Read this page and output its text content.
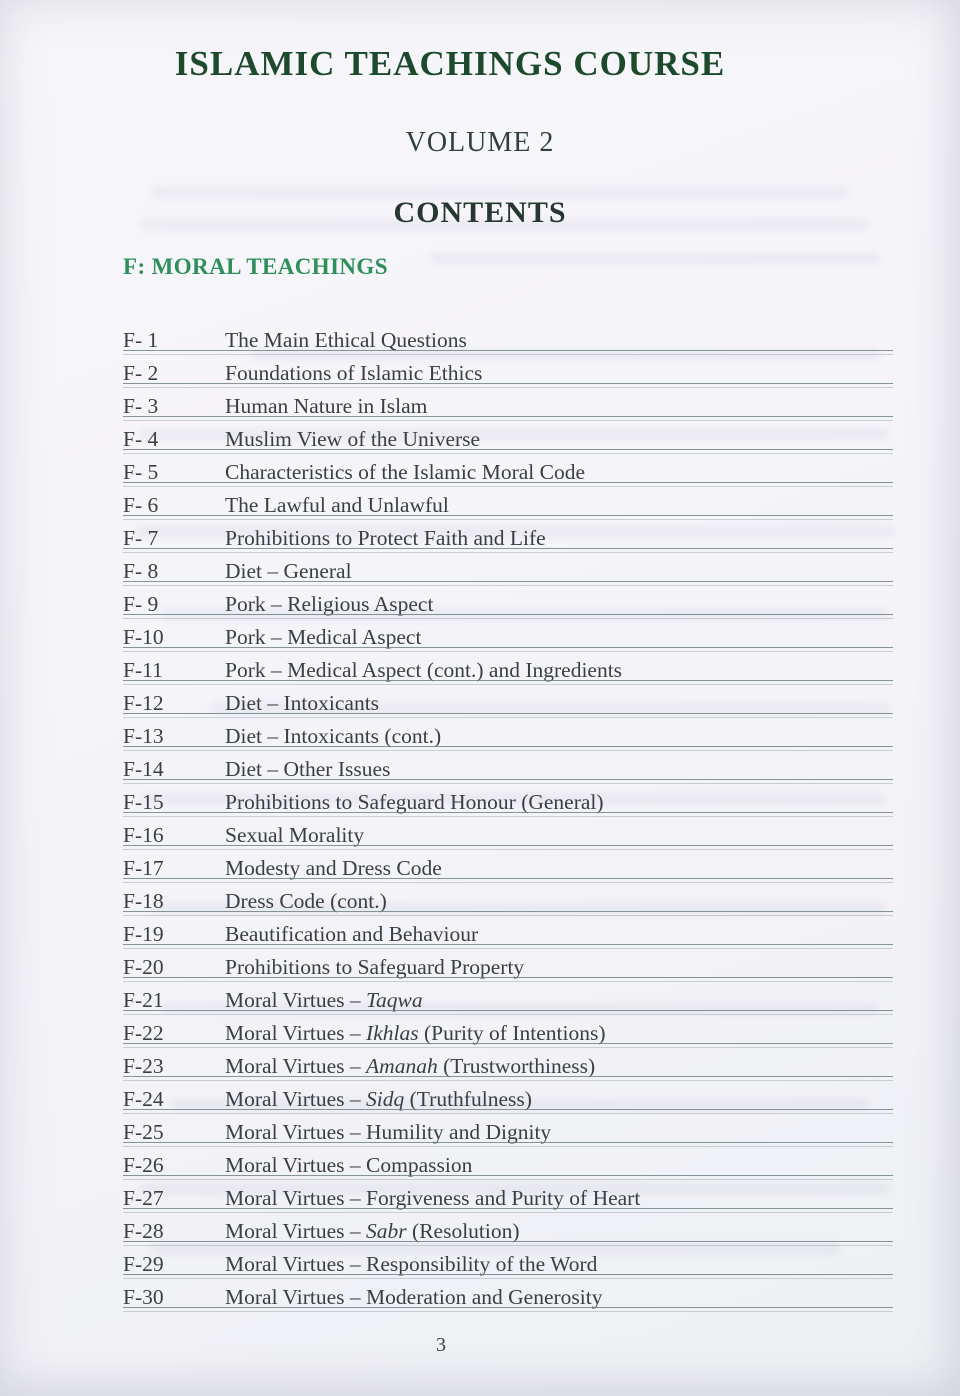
ISLAMIC TEACHINGS COURSE
VOLUME 2
CONTENTS
F: MORAL TEACHINGS
F- 1	The Main Ethical Questions
F- 2	Foundations of Islamic Ethics
F- 3	Human Nature in Islam
F- 4	Muslim View of the Universe
F- 5	Characteristics of the Islamic Moral Code
F- 6	The Lawful and Unlawful
F- 7	Prohibitions to Protect Faith and Life
F- 8	Diet – General
F- 9	Pork – Religious Aspect
F-10	Pork – Medical Aspect
F-11	Pork – Medical Aspect (cont.) and Ingredients
F-12	Diet – Intoxicants
F-13	Diet – Intoxicants (cont.)
F-14	Diet – Other Issues
F-15	Prohibitions to Safeguard Honour (General)
F-16	Sexual Morality
F-17	Modesty and Dress Code
F-18	Dress Code (cont.)
F-19	Beautification and Behaviour
F-20	Prohibitions to Safeguard Property
F-21	Moral Virtues – Taqwa
F-22	Moral Virtues – Ikhlas (Purity of Intentions)
F-23	Moral Virtues – Amanah (Trustworthiness)
F-24	Moral Virtues – Sidq (Truthfulness)
F-25	Moral Virtues – Humility and Dignity
F-26	Moral Virtues – Compassion
F-27	Moral Virtues – Forgiveness and Purity of Heart
F-28	Moral Virtues – Sabr (Resolution)
F-29	Moral Virtues – Responsibility of the Word
F-30	Moral Virtues – Moderation and Generosity
3
